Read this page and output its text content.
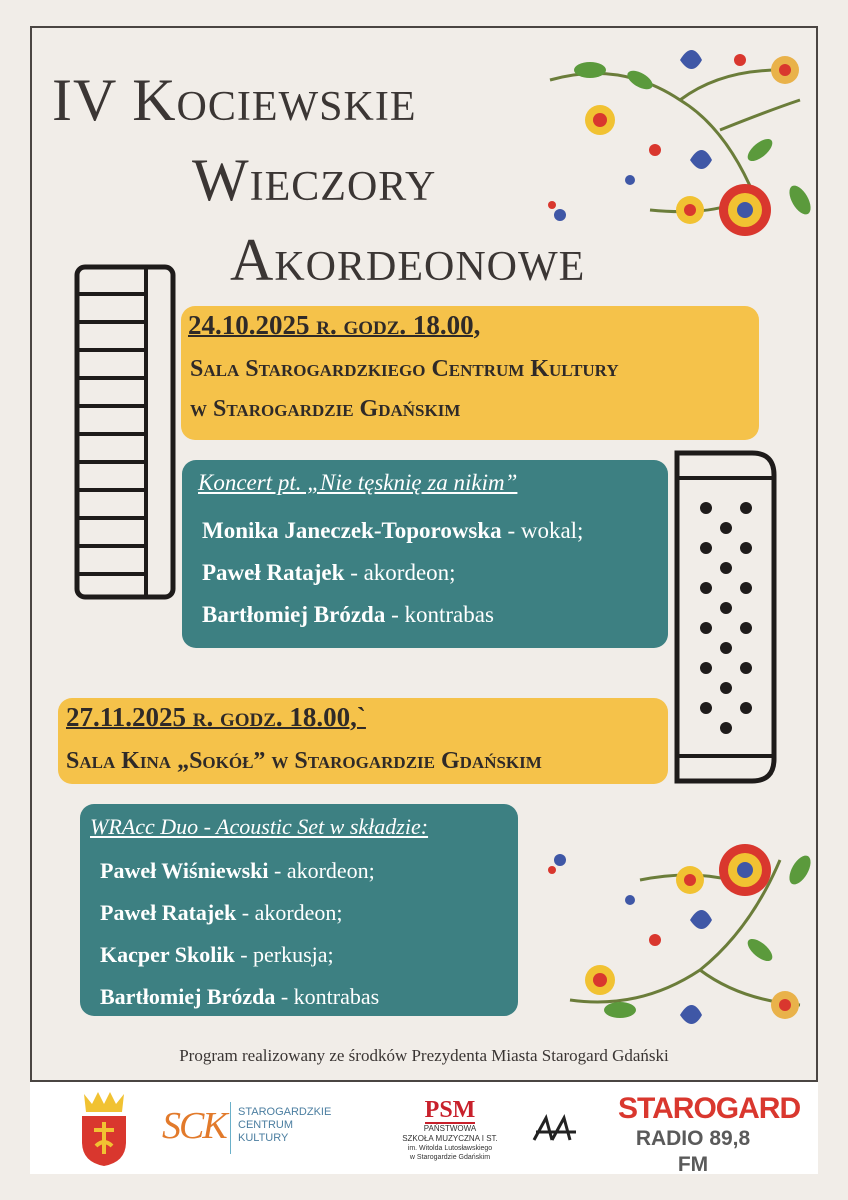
IV Kociewskie
Wieczory
Akordeonowe
24.10.2025 r. godz. 18.00,
Sala Starogardzkiego Centrum Kultury
w Starogardzie Gdańskim
Koncert pt. „Nie tęsknię za nikim”
Monika Janeczek-Toporowska - wokal;
Paweł Ratajek - akordeon;
Bartłomiej Brózda - kontrabas
27.11.2025 r. godz. 18.00,`
Sala Kina „Sokół” w Starogardzie Gdańskim
WRAcc Duo - Acoustic Set w składzie:
Paweł Wiśniewski - akordeon;
Paweł Ratajek - akordeon;
Kacper Skolik - perkusja;
Bartłomiej Brózda - kontrabas
Program realizowany ze środków Prezydenta Miasta Starogard Gdański
SCK STAROGARDZKIE
CENTRUM
KULTURY
PSM
PAŃSTWOWA
SZKOŁA MUZYCZNA I ST.
im. Witolda Lutosławskiego
w Starogardzie Gdańskim
STAROGARD
RADIO 89,8 FM
